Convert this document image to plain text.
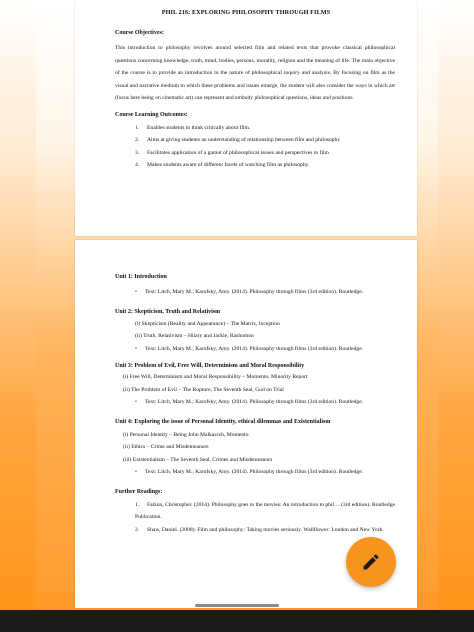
PHIL 216: EXPLORING PHILOSOPHY THROUGH FILMS
Course Objectives:
This introduction to philosophy revolves around selected film and related texts that provoke classical philosophical questions concerning knowledge, truth, mind, bodies, persons, morality, religion and the meaning of life. The main objective of the course is to provide an introduction to the nature of philosophical inquiry and analysis. By focusing on film as the visual and narrative medium in which these problems and issues emerge, the student will also consider the ways in which art (focus here being on cinematic art) can represent and embody philosophical questions, ideas and positions.
Course Learning Outcomes:
1. Enables students to think critically about film.
2. Aims at giving students an understanding of relationship between film and philosophy
3. Facilitates application of a gamut of philosophical issues and perspectives to film
4. Makes students aware of different facets of watching film as philosophy.
Unit 1: Introduction
• Text: Litch, Mary M.; Karofsky, Amy. (2014). Philosophy through films (3rd edition). Routledge.
Unit 2: Skepticism, Truth and Relativism
(i) Skepticism (Reality and Appearance) – The Matrix, Inception
(ii) Truth, Relativism – Hilary and Jackie, Rashomon
• Text: Litch, Mary M.; Karofsky, Amy. (2014). Philosophy through films (3rd edition). Routledge.
Unit 3: Problem of Evil, Free Will, Determinism and Moral Responsibility
(i) Free Will, Determinism and Moral Responsibility – Momento, Minority Report
(ii) The Problem of Evil – The Rupture, The Seventh Seal, God on Trial
• Text: Litch, Mary M.; Karofsky, Amy. (2014). Philosophy through films (3rd edition). Routledge.
Unit 4: Exploring the issue of Personal Identity, ethical dilemmas and Existentialism
(i) Personal Identity – Being John Malkavich, Momento
(ii) Ethics – Crime and Misdemeanors
(iii) Existentialism – The Seventh Seal, Crimes and Misdemeanors
• Text: Litch, Mary M.; Karofsky, Amy. (2014). Philosophy through films (3rd edition). Routledge.
Further Readings:
1. Falzon, Christopher. (2014). Philosophy goes to the movies: An introduction to phil… (3rd edition). Routledge Publication.
2. Shaw, Daniel. (2008). Film and philosophy: Taking movies seriously. Wallflower: London and New York.
